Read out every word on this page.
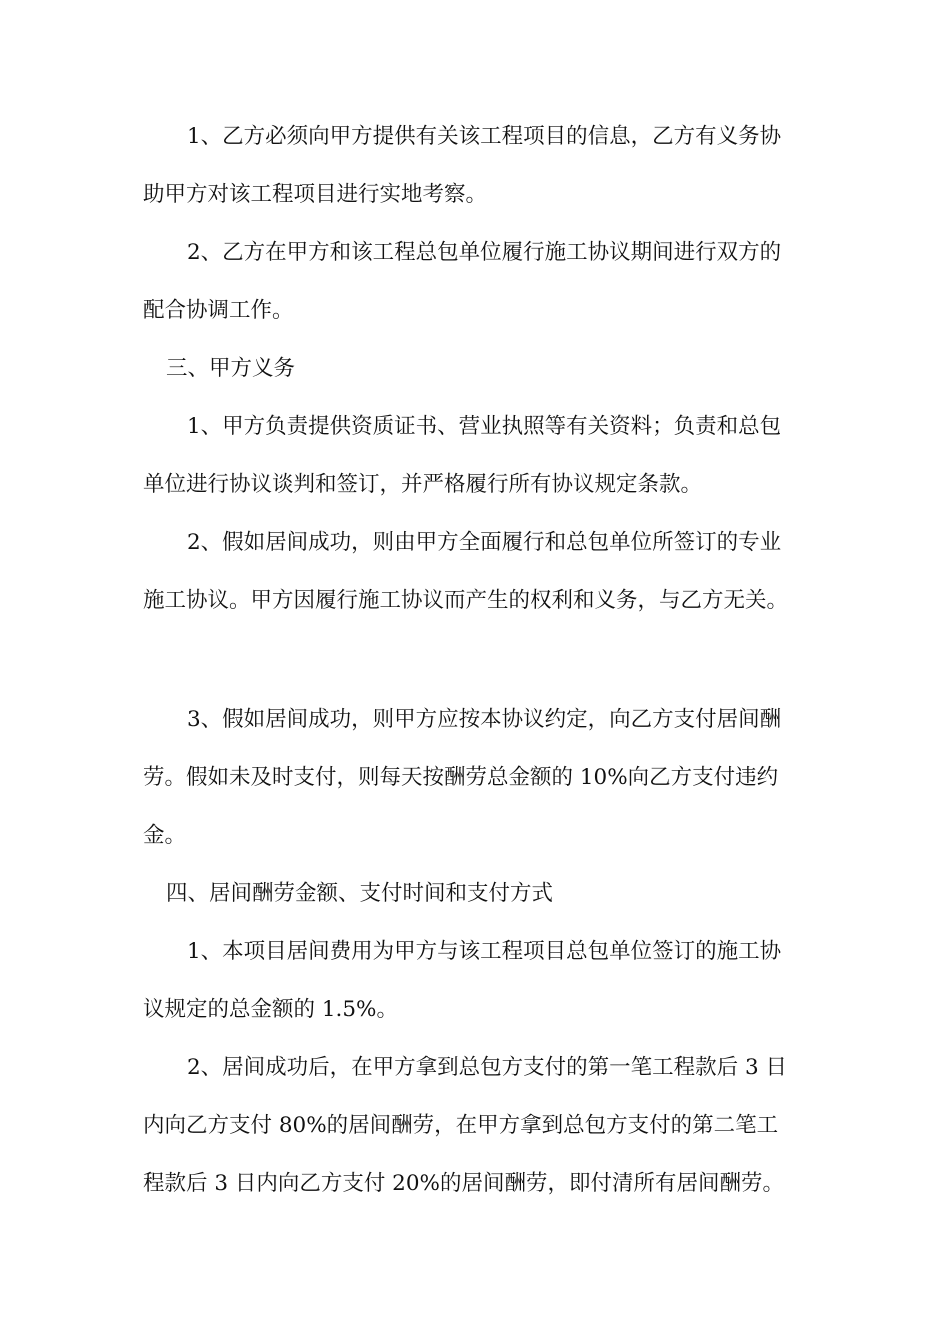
1、乙方必须向甲方提供有关该工程项目的信息，乙方有义务协
助甲方对该工程项目进行实地考察。
2、乙方在甲方和该工程总包单位履行施工协议期间进行双方的
配合协调工作。
三、甲方义务
1、甲方负责提供资质证书、营业执照等有关资料；负责和总包
单位进行协议谈判和签订，并严格履行所有协议规定条款。
2、假如居间成功，则由甲方全面履行和总包单位所签订的专业
施工协议。甲方因履行施工协议而产生的权利和义务，与乙方无关。
3、假如居间成功，则甲方应按本协议约定，向乙方支付居间酬
劳。假如未及时支付，则每天按酬劳总金额的 10%向乙方支付违约
金。
四、居间酬劳金额、支付时间和支付方式
1、本项目居间费用为甲方与该工程项目总包单位签订的施工协
议规定的总金额的 1.5%。
2、居间成功后，在甲方拿到总包方支付的第一笔工程款后 3 日
内向乙方支付 80%的居间酬劳，在甲方拿到总包方支付的第二笔工
程款后 3 日内向乙方支付 20%的居间酬劳，即付清所有居间酬劳。
